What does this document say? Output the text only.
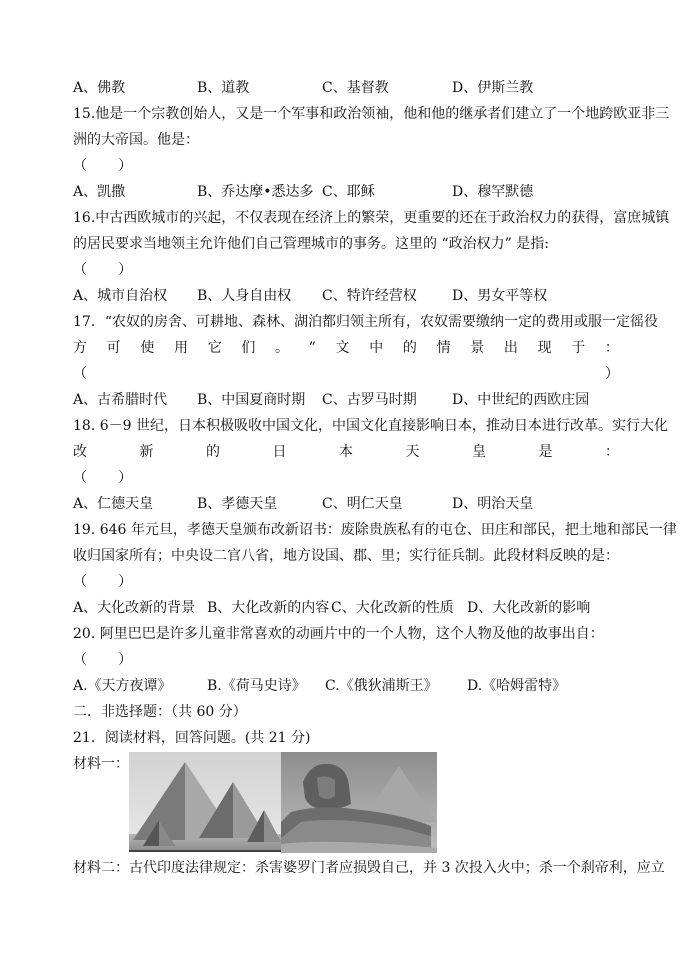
A、佛教	B、道教	C、基督教	D、伊斯兰教
15.他是一个宗教创始人，又是一个军事和政治领袖，他和他的继承者们建立了一个地跨欧亚非三
洲的大帝国。他是：
（       ）
A、凯撒	B、乔达摩•悉达多 C、耶稣	D、穆罕默德
16.中古西欧城市的兴起，不仅表现在经济上的繁荣，更重要的还在于政治权力的获得，富庶城镇
的居民要求当地领主允许他们自己管理城市的事务。这里的 “政治权力” 是指:
（       ）
A、城市自治权 B、人身自由权 C、特许经营权	D、男女平等权
17．“农奴的房舍、可耕地、森林、湖泊都归领主所有，农奴需要缴纳一定的费用或服一定徭役
方 可 使 用 它 们 。 ” 文 中 的 情 景 出 现 于 ：
（	）
A、古希腊时代 B、中国夏商时期 C、古罗马时期	D、中世纪的西欧庄园
18. 6－9 世纪，日本积极吸收中国文化，中国文化直接影响日本，推动日本进行改革。实行大化
改	新	的	日	本	天	皇	是	：
（       ）
A、仁德天皇	B、孝德天皇	C、明仁天皇	D、明治天皇
19. 646 年元旦，孝德天皇颁布改新诏书：废除贵族私有的屯仓、田庄和部民，把土地和部民一律
收归国家所有；中央设二官八省，地方设国、郡、里；实行征兵制。此段材料反映的是：
（       ）
A、大化改新的背景 B、大化改新的内容 C、大化改新的性质 D、大化改新的影响
20. 阿里巴巴是许多儿童非常喜欢的动画片中的一个人物，这个人物及他的故事出自：
（       ）
A.《天方夜谭》	B.《荷马史诗》 C.《俄狄浦斯王》 D.《哈姆雷特》
二．非选择题：（共 60 分）
21．阅读材料，回答问题。(共 21 分)
材料一：
材料二：古代印度法律规定：杀害婆罗门者应损毁自己，并 3 次投入火中；杀一个刹帝利，应立
